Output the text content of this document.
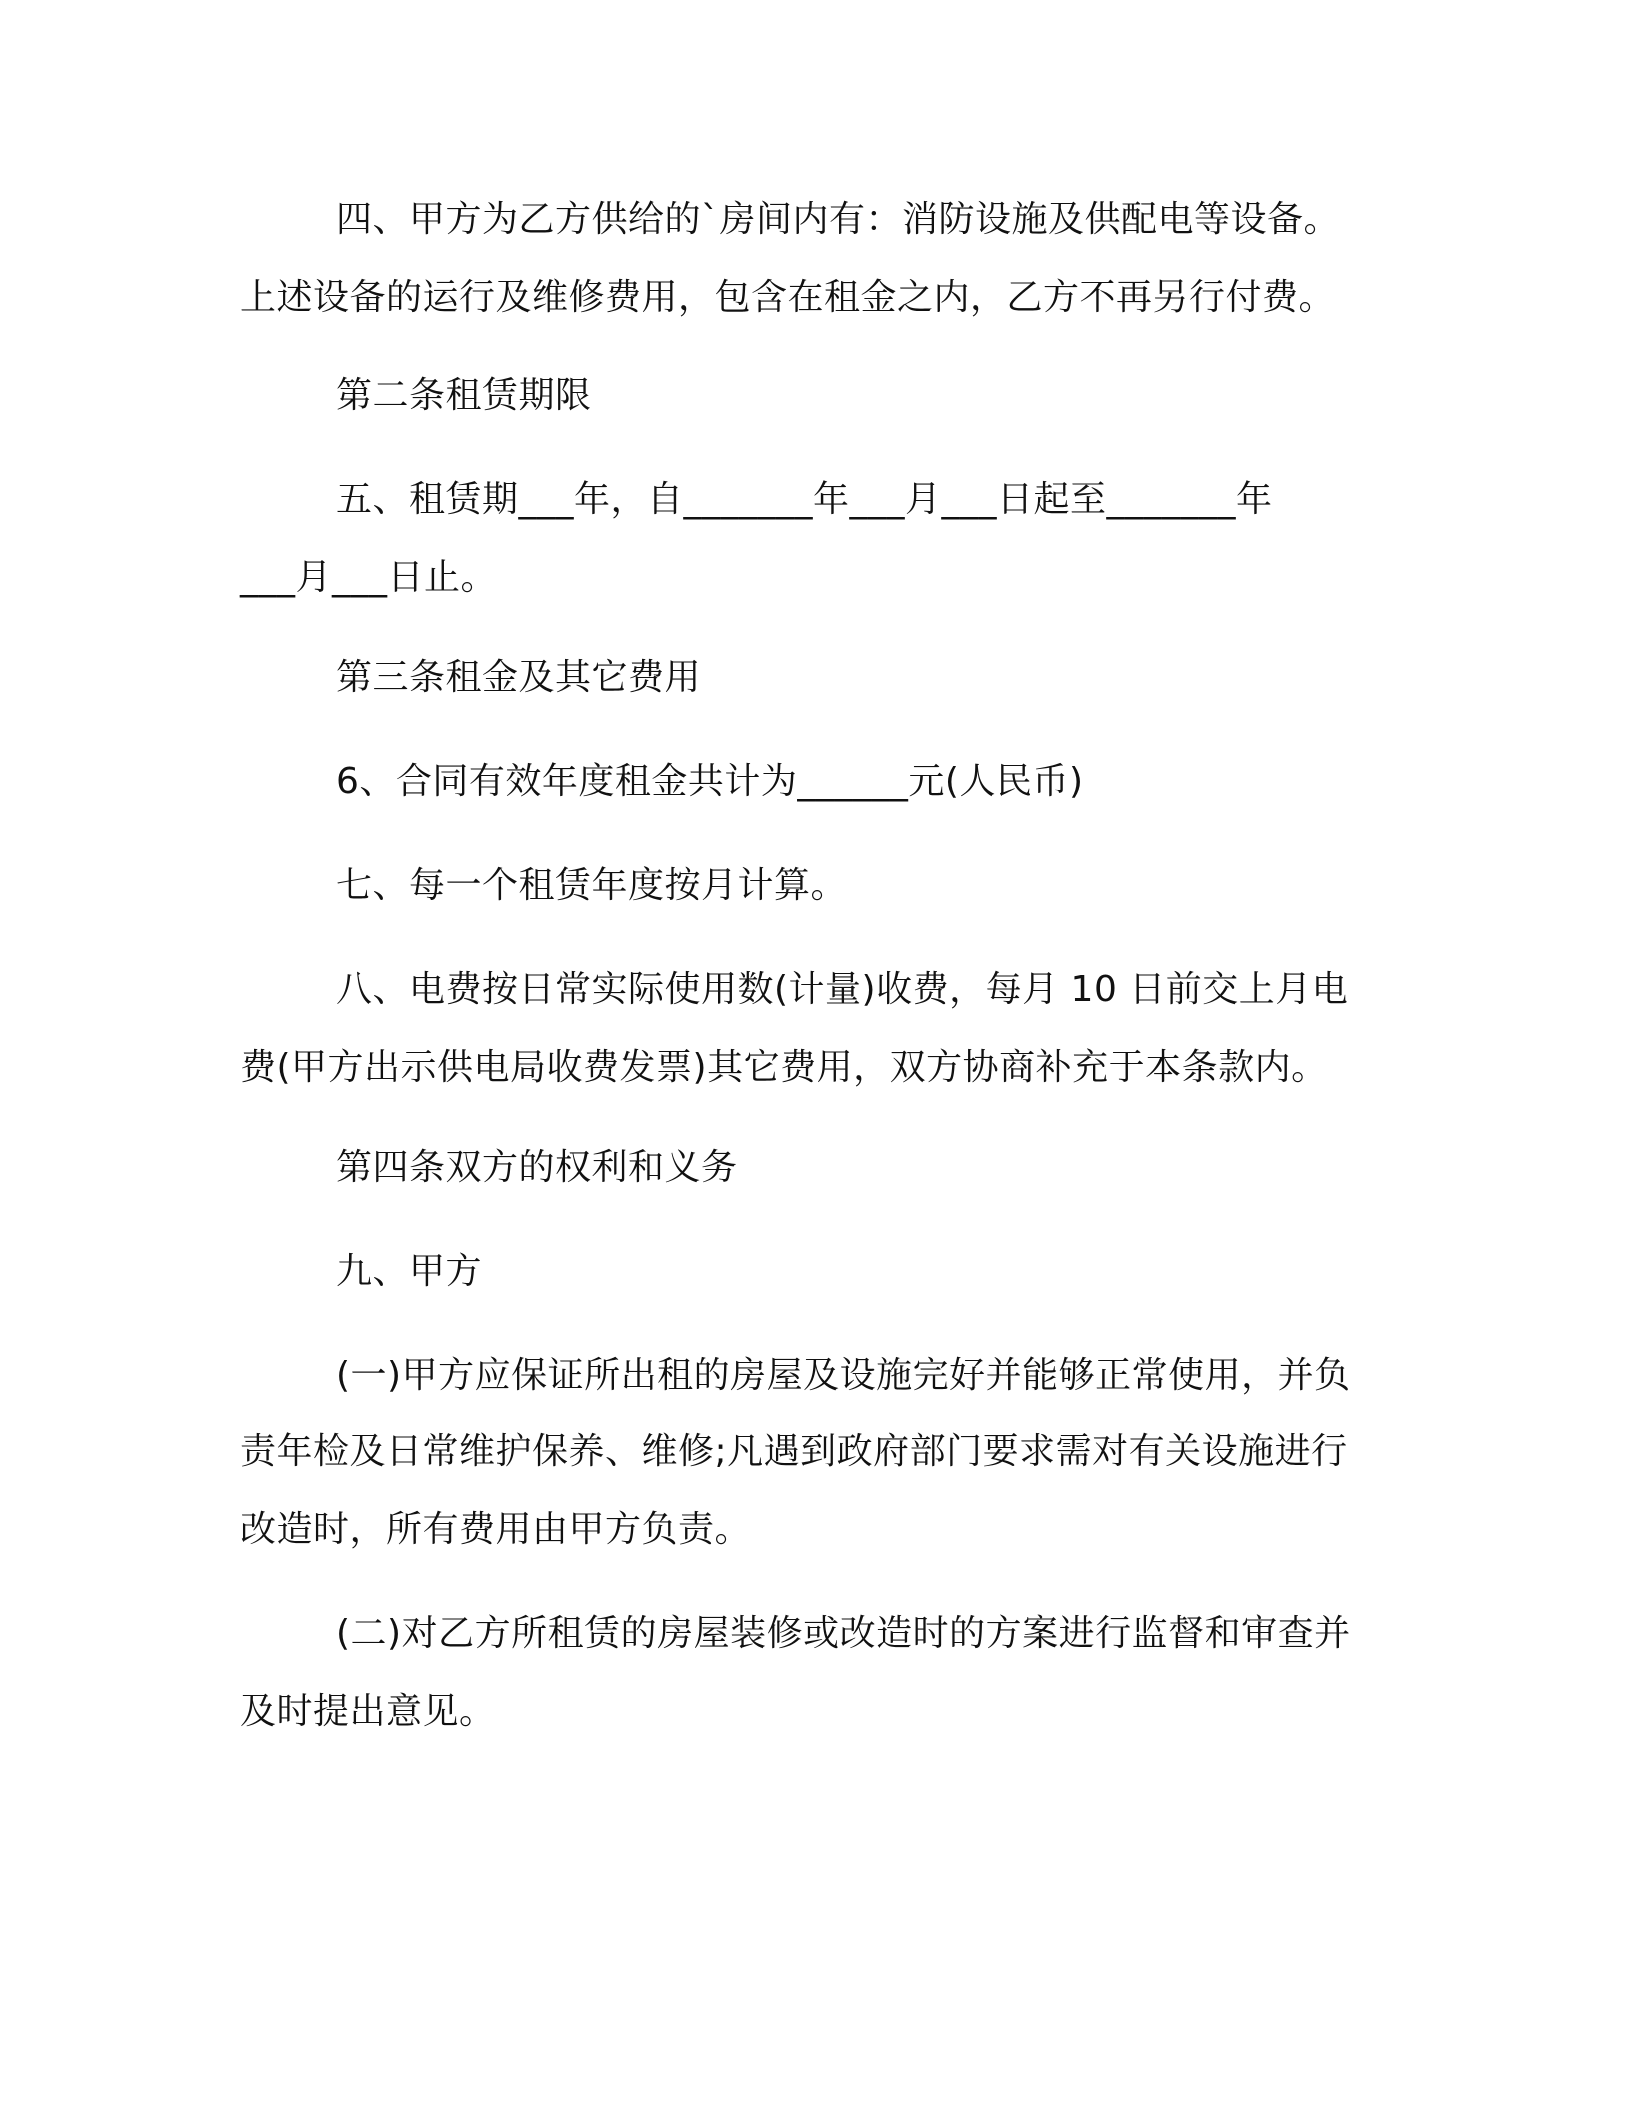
四、甲方为乙方供给的`房间内有：消防设施及供配电等设备。

上述设备的运行及维修费用，包含在租金之内，乙方不再另行付费。

第二条租赁期限

五、租赁期___年，自_______年___月___日起至_______年

___月___日止。

第三条租金及其它费用

6、合同有效年度租金共计为______元(人民币)

七、每一个租赁年度按月计算。

八、电费按日常实际使用数(计量)收费，每月 10 日前交上月电

费(甲方出示供电局收费发票)其它费用，双方协商补充于本条款内。

第四条双方的权利和义务

九、甲方

(一)甲方应保证所出租的房屋及设施完好并能够正常使用，并负

责年检及日常维护保养、维修;凡遇到政府部门要求需对有关设施进行

改造时，所有费用由甲方负责。

(二)对乙方所租赁的房屋装修或改造时的方案进行监督和审查并

及时提出意见。
